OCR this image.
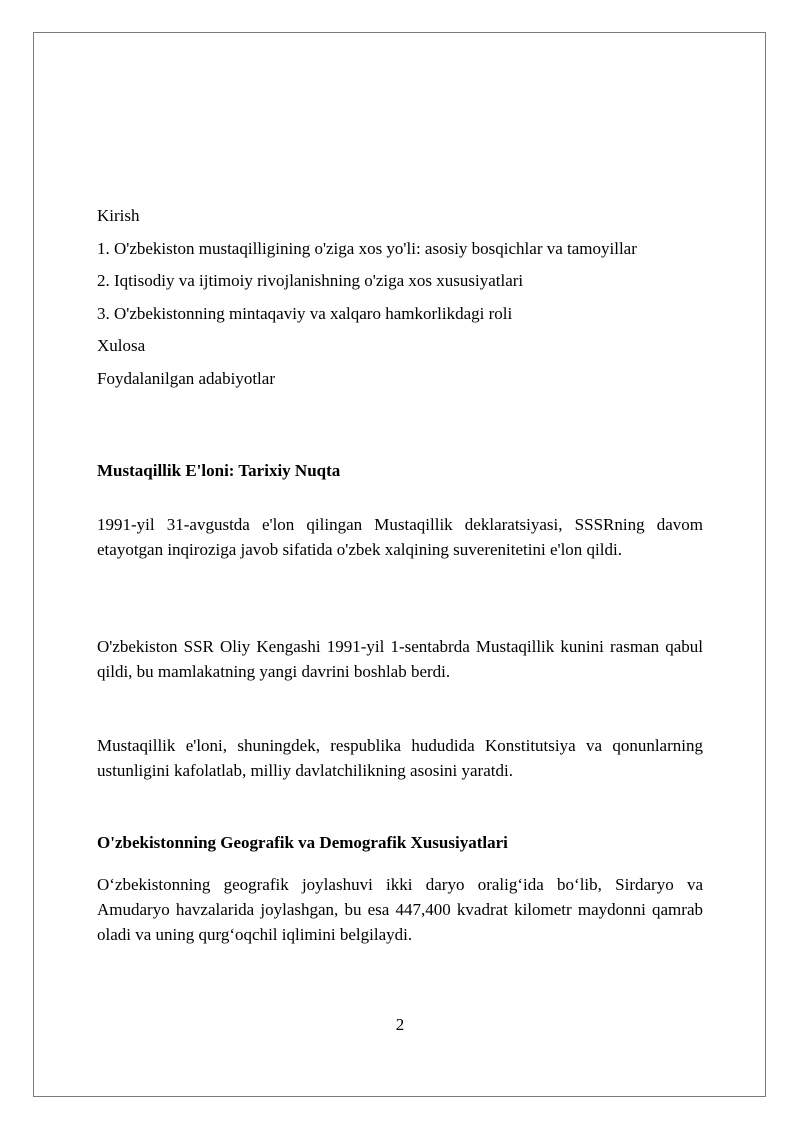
Kirish
1. O'zbekiston mustaqilligining o'ziga xos yo'li: asosiy bosqichlar va tamoyillar
2. Iqtisodiy va ijtimoiy rivojlanishning o'ziga xos xususiyatlari
3. O'zbekistonning mintaqaviy va xalqaro hamkorlikdagi roli
Xulosa
Foydalanilgan adabiyotlar
Mustaqillik E'loni: Tarixiy Nuqta
1991-yil 31-avgustda e'lon qilingan Mustaqillik deklaratsiyasi, SSSRning davom etayotgan inqiroziga javob sifatida o'zbek xalqining suverenitetini e'lon qildi.
O'zbekiston SSR Oliy Kengashi 1991-yil 1-sentabrda Mustaqillik kunini rasman qabul qildi, bu mamlakatning yangi davrini boshlab berdi.
Mustaqillik e'loni, shuningdek, respublika hududida Konstitutsiya va qonunlarning ustunligini kafolatlab, milliy davlatchilikning asosini yaratdi.
O'zbekistonning Geografik va Demografik Xususiyatlari
O‘zbekistonning geografik joylashuvi ikki daryo oralig‘ida bo‘lib, Sirdaryo va Amudaryo havzalarida joylashgan, bu esa 447,400 kvadrat kilometr maydonni qamrab oladi va uning qurg‘oqchil iqlimini belgilaydi.
2
